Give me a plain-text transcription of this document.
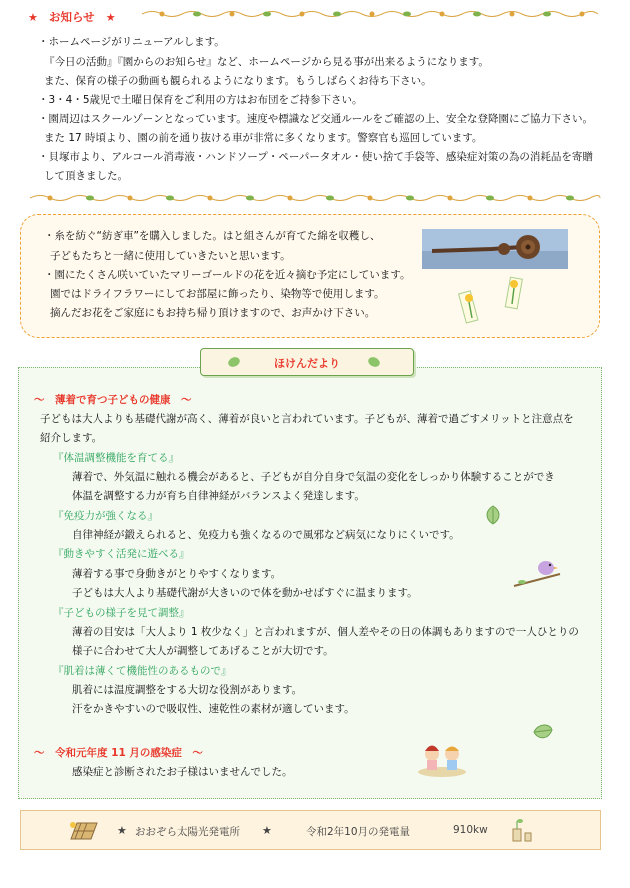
★ お知らせ ★
・ホームページがリニューアルします。
『今日の活動』『園からのお知らせ』など、ホームページから見る事が出来るようになります。
また、保育の様子の動画も観られるようになります。もうしばらくお待ち下さい。
・3・4・5歳児で土曜日保育をご利用の方はお布団をご持参下さい。
・園周辺はスクールゾーンとなっています。速度や標識など交通ルールをご確認の上、安全な登降園にご協力下さい。
また 17 時頃より、園の前を通り抜ける車が非常に多くなります。警察官も巡回しています。
・貝塚市より、アルコール消毒液・ハンドソープ・ペーパータオル・使い捨て手袋等、感染症対策の為の消耗品を寄贈
して頂きました。
・糸を紡ぐ“紡ぎ車”を購入しました。はと組さんが育てた綿を収穫し、
子どもたちと一緒に使用していきたいと思います。
・園にたくさん咲いていたマリーゴールドの花を近々摘む予定にしています。
園ではドライフラワーにしてお部屋に飾ったり、染物等で使用します。
摘んだお花をご家庭にもお持ち帰り頂けますので、お声かけ下さい。
ほけんだより
～　薄着で育つ子どもの健康　～
子どもは大人よりも基礎代謝が高く、薄着が良いと言われています。子どもが、薄着で過ごすメリットと注意点を
紹介します。
『体温調整機能を育てる』
薄着で、外気温に触れる機会があると、子どもが自分自身で気温の変化をしっかり体験することができ
体温を調整する力が育ち自律神経がバランスよく発達します。
『免疫力が強くなる』
自律神経が鍛えられると、免疫力も強くなるので風邪など病気になりにくいです。
『動きやすく活発に遊べる』
薄着する事で身動きがとりやすくなります。
子どもは大人より基礎代謝が大きいので体を動かせばすぐに温まります。
『子どもの様子を見て調整』
薄着の目安は「大人より 1 枚少なく」と言われますが、個人差やその日の体調もありますので一人ひとりの
様子に合わせて大人が調整してあげることが大切です。
『肌着は薄くて機能性のあるもので』
肌着には温度調整をする大切な役割があります。
汗をかきやすいので吸収性、速乾性の素材が適しています。
～　令和元年度 11 月の感染症　～
感染症と診断されたお子様はいませんでした。
★ おおぞら太陽光発電所 ★	令和2年10月の発電量	910kw
